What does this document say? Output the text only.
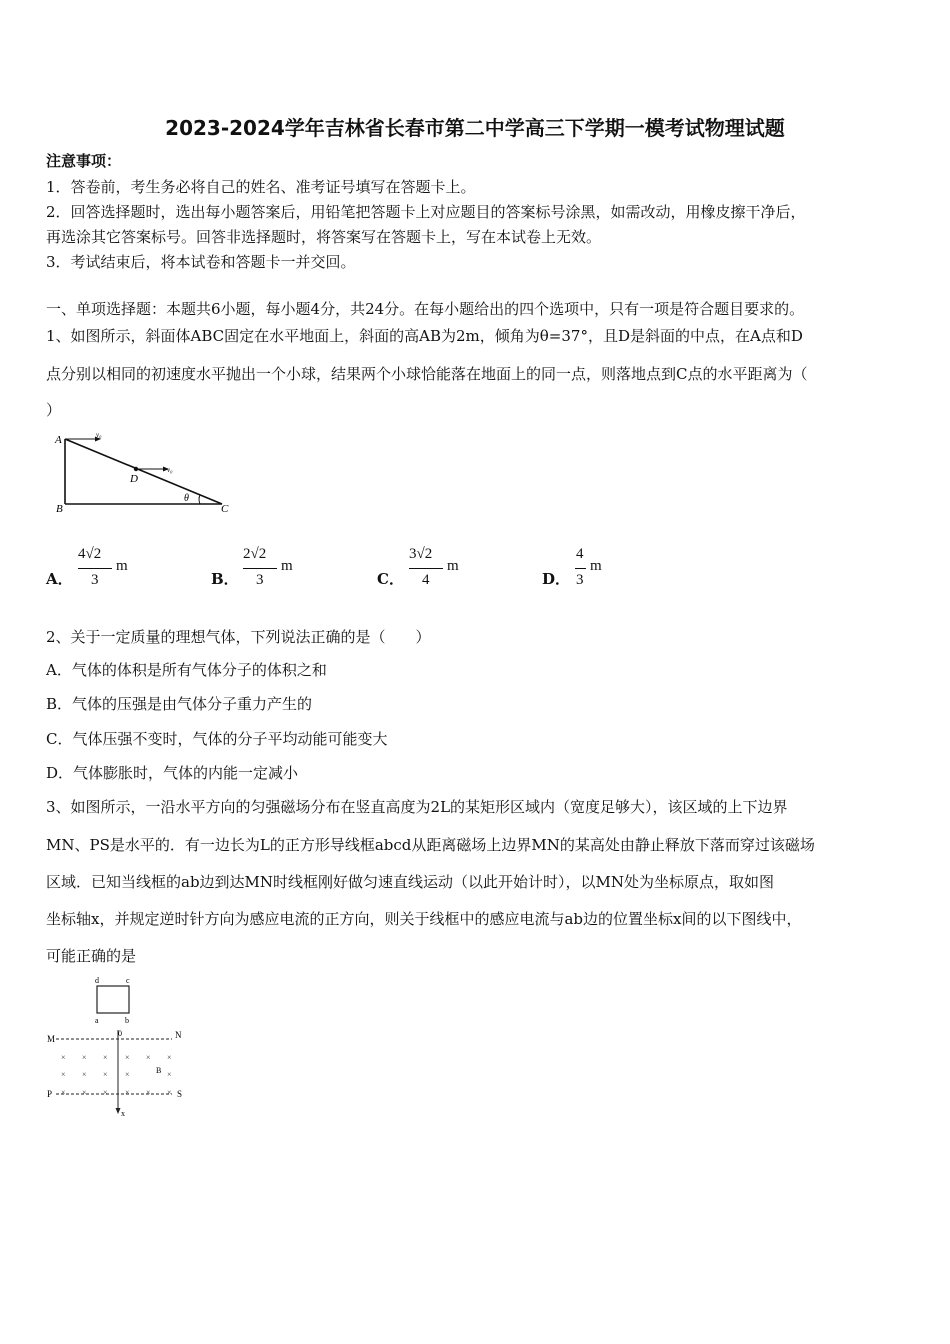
2023-2024学年吉林省长春市第二中学高三下学期一模考试物理试题
注意事项：
1．答卷前，考生务必将自己的姓名、准考证号填写在答题卡上。
2．回答选择题时，选出每小题答案后，用铅笔把答题卡上对应题目的答案标号涂黑，如需改动，用橡皮擦干净后，
再选涂其它答案标号。回答非选择题时，将答案写在答题卡上，写在本试卷上无效。
3．考试结束后，将本试卷和答题卡一并交回。
一、单项选择题：本题共6小题，每小题4分，共24分。在每小题给出的四个选项中，只有一项是符合题目要求的。
1、如图所示，斜面体ABC固定在水平地面上，斜面的高AB为2m，倾角为θ=37°，且D是斜面的中点，在A点和D
点分别以相同的初速度水平抛出一个小球，结果两个小球恰能落在地面上的同一点，则落地点到C点的水平距离为（
）
A
B	C
D
v₀
v₀
θ
A．
4√2
3
m
B．
2√2
3
m
C．
3√2
4
m
D．
4
3
m
2、关于一定质量的理想气体，下列说法正确的是（　　）
A．气体的体积是所有气体分子的体积之和
B．气体的压强是由气体分子重力产生的
C．气体压强不变时，气体的分子平均动能可能变大
D．气体膨胀时，气体的内能一定减小
3、如图所示，一沿水平方向的匀强磁场分布在竖直高度为2L的某矩形区域内（宽度足够大），该区域的上下边界
MN、PS是水平的．有一边长为L的正方形导线框abcd从距离磁场上边界MN的某高处由静止释放下落而穿过该磁场
区域．已知当线框的ab边到达MN时线框刚好做匀速直线运动（以此开始计时），以MN处为坐标原点，取如图
坐标轴x，并规定逆时针方向为感应电流的正方向，则关于线框中的感应电流与ab边的位置坐标x间的以下图线中，
可能正确的是
d	c
a	b
M	N
0
P	S
x
B
× × × × × ×
× × × ×	×
× × × × × ×
